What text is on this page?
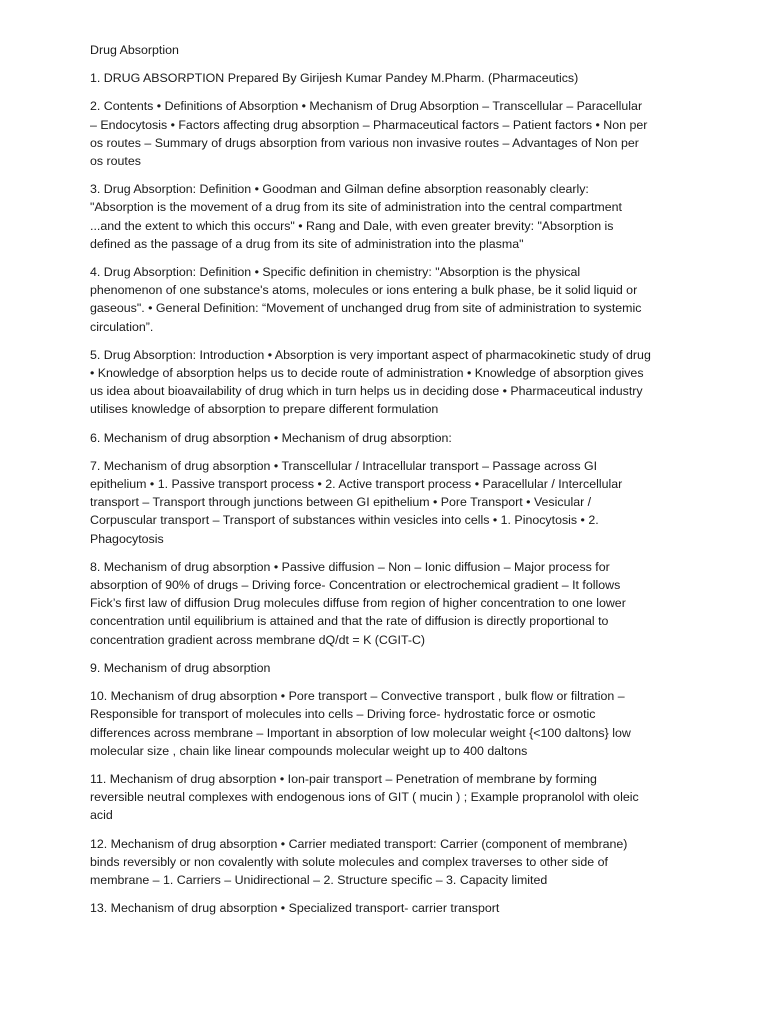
Drug Absorption
1. DRUG ABSORPTION Prepared By Girijesh Kumar Pandey M.Pharm. (Pharmaceutics)
2. Contents • Definitions of Absorption • Mechanism of Drug Absorption – Transcellular – Paracellular – Endocytosis • Factors affecting drug absorption – Pharmaceutical factors – Patient factors • Non per os routes – Summary of drugs absorption from various non invasive routes – Advantages of Non per os routes
3. Drug Absorption: Definition • Goodman and Gilman define absorption reasonably clearly: "Absorption is the movement of a drug from its site of administration into the central compartment ...and the extent to which this occurs" • Rang and Dale, with even greater brevity: "Absorption is defined as the passage of a drug from its site of administration into the plasma"
4. Drug Absorption: Definition • Specific definition in chemistry: "Absorption is the physical phenomenon of one substance's atoms, molecules or ions entering a bulk phase, be it solid liquid or gaseous". • General Definition: “Movement of unchanged drug from site of administration to systemic circulation”.
5. Drug Absorption: Introduction • Absorption is very important aspect of pharmacokinetic study of drug • Knowledge of absorption helps us to decide route of administration • Knowledge of absorption gives us idea about bioavailability of drug which in turn helps us in deciding dose • Pharmaceutical industry utilises knowledge of absorption to prepare different formulation
6. Mechanism of drug absorption • Mechanism of drug absorption:
7. Mechanism of drug absorption • Transcellular / Intracellular transport – Passage across GI epithelium • 1. Passive transport process • 2. Active transport process • Paracellular / Intercellular transport – Transport through junctions between GI epithelium • Pore Transport • Vesicular / Corpuscular transport – Transport of substances within vesicles into cells • 1. Pinocytosis • 2. Phagocytosis
8. Mechanism of drug absorption • Passive diffusion – Non – Ionic diffusion – Major process for absorption of 90% of drugs – Driving force- Concentration or electrochemical gradient – It follows Fick’s first law of diffusion Drug molecules diffuse from region of higher concentration to one lower concentration until equilibrium is attained and that the rate of diffusion is directly proportional to concentration gradient across membrane dQ/dt = K (CGIT-C)
9. Mechanism of drug absorption
10. Mechanism of drug absorption • Pore transport – Convective transport , bulk flow or filtration – Responsible for transport of molecules into cells – Driving force- hydrostatic force or osmotic differences across membrane – Important in absorption of low molecular weight {<100 daltons} low molecular size , chain like linear compounds molecular weight up to 400 daltons
11. Mechanism of drug absorption • Ion-pair transport – Penetration of membrane by forming reversible neutral complexes with endogenous ions of GIT ( mucin ) ; Example propranolol with oleic acid
12. Mechanism of drug absorption • Carrier mediated transport: Carrier (component of membrane) binds reversibly or non covalently with solute molecules and complex traverses to other side of membrane – 1. Carriers – Unidirectional – 2. Structure specific – 3. Capacity limited
13. Mechanism of drug absorption • Specialized transport- carrier transport
